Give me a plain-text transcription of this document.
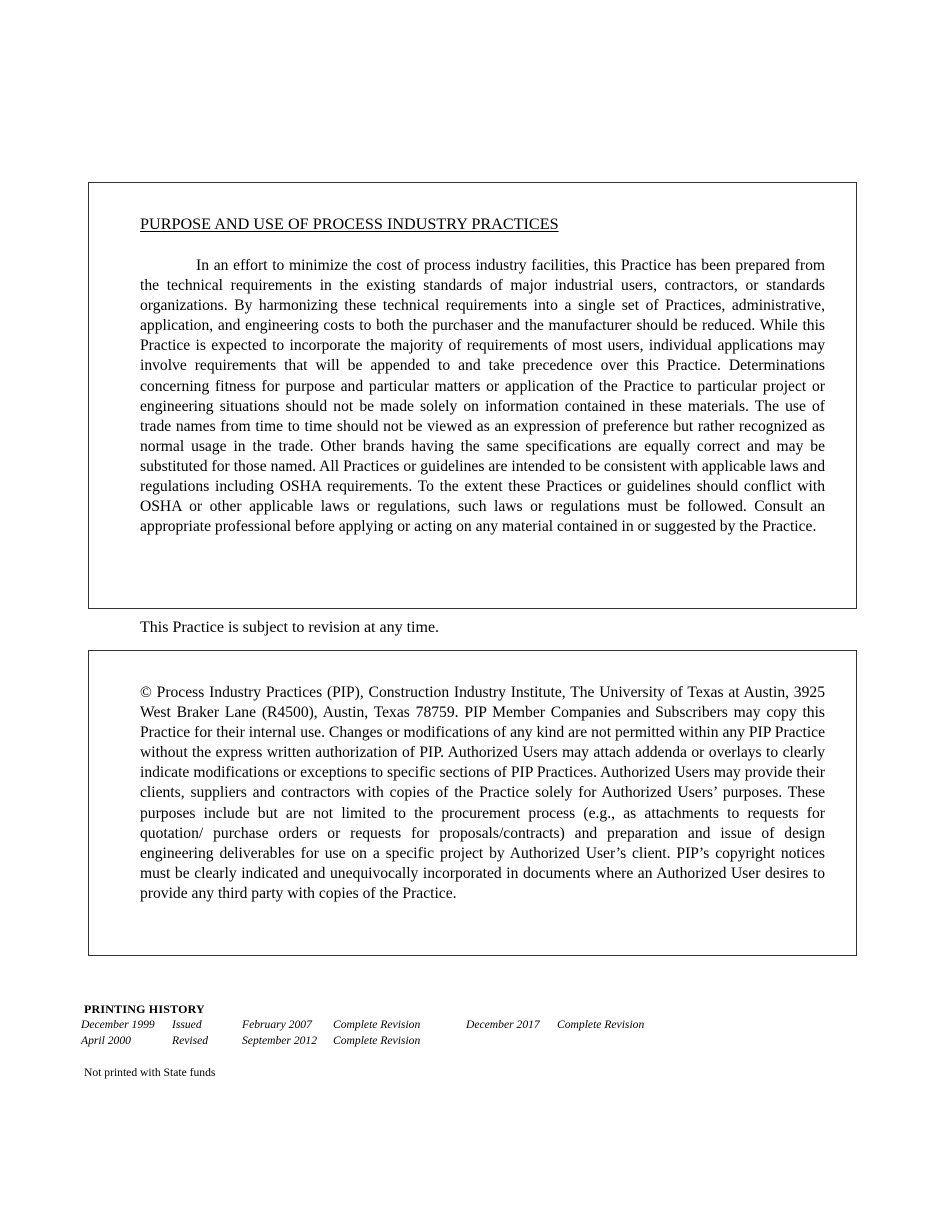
PURPOSE AND USE OF PROCESS INDUSTRY PRACTICES

In an effort to minimize the cost of process industry facilities, this Practice has been prepared from the technical requirements in the existing standards of major industrial users, contractors, or standards organizations. By harmonizing these technical requirements into a single set of Practices, administrative, application, and engineering costs to both the purchaser and the manufacturer should be reduced. While this Practice is expected to incorporate the majority of requirements of most users, individual applications may involve requirements that will be appended to and take precedence over this Practice. Determinations concerning fitness for purpose and particular matters or application of the Practice to particular project or engineering situations should not be made solely on information contained in these materials. The use of trade names from time to time should not be viewed as an expression of preference but rather recognized as normal usage in the trade. Other brands having the same specifications are equally correct and may be substituted for those named. All Practices or guidelines are intended to be consistent with applicable laws and regulations including OSHA requirements. To the extent these Practices or guidelines should conflict with OSHA or other applicable laws or regulations, such laws or regulations must be followed. Consult an appropriate professional before applying or acting on any material contained in or suggested by the Practice.

This Practice is subject to revision at any time.

© Process Industry Practices (PIP), Construction Industry Institute, The University of Texas at Austin, 3925 West Braker Lane (R4500), Austin, Texas 78759. PIP Member Companies and Subscribers may copy this Practice for their internal use. Changes or modifications of any kind are not permitted within any PIP Practice without the express written authorization of PIP. Authorized Users may attach addenda or overlays to clearly indicate modifications or exceptions to specific sections of PIP Practices. Authorized Users may provide their clients, suppliers and contractors with copies of the Practice solely for Authorized Users’ purposes. These purposes include but are not limited to the procurement process (e.g., as attachments to requests for quotation/ purchase orders or requests for proposals/contracts) and preparation and issue of design engineering deliverables for use on a specific project by Authorized User’s client. PIP’s copyright notices must be clearly indicated and unequivocally incorporated in documents where an Authorized User desires to provide any third party with copies of the Practice.

PRINTING HISTORY
December 1999 Issued
April 2000	Revised
February 2007 Complete Revision
September 2012 Complete Revision
December 2017 Complete Revision
Not printed with State funds
